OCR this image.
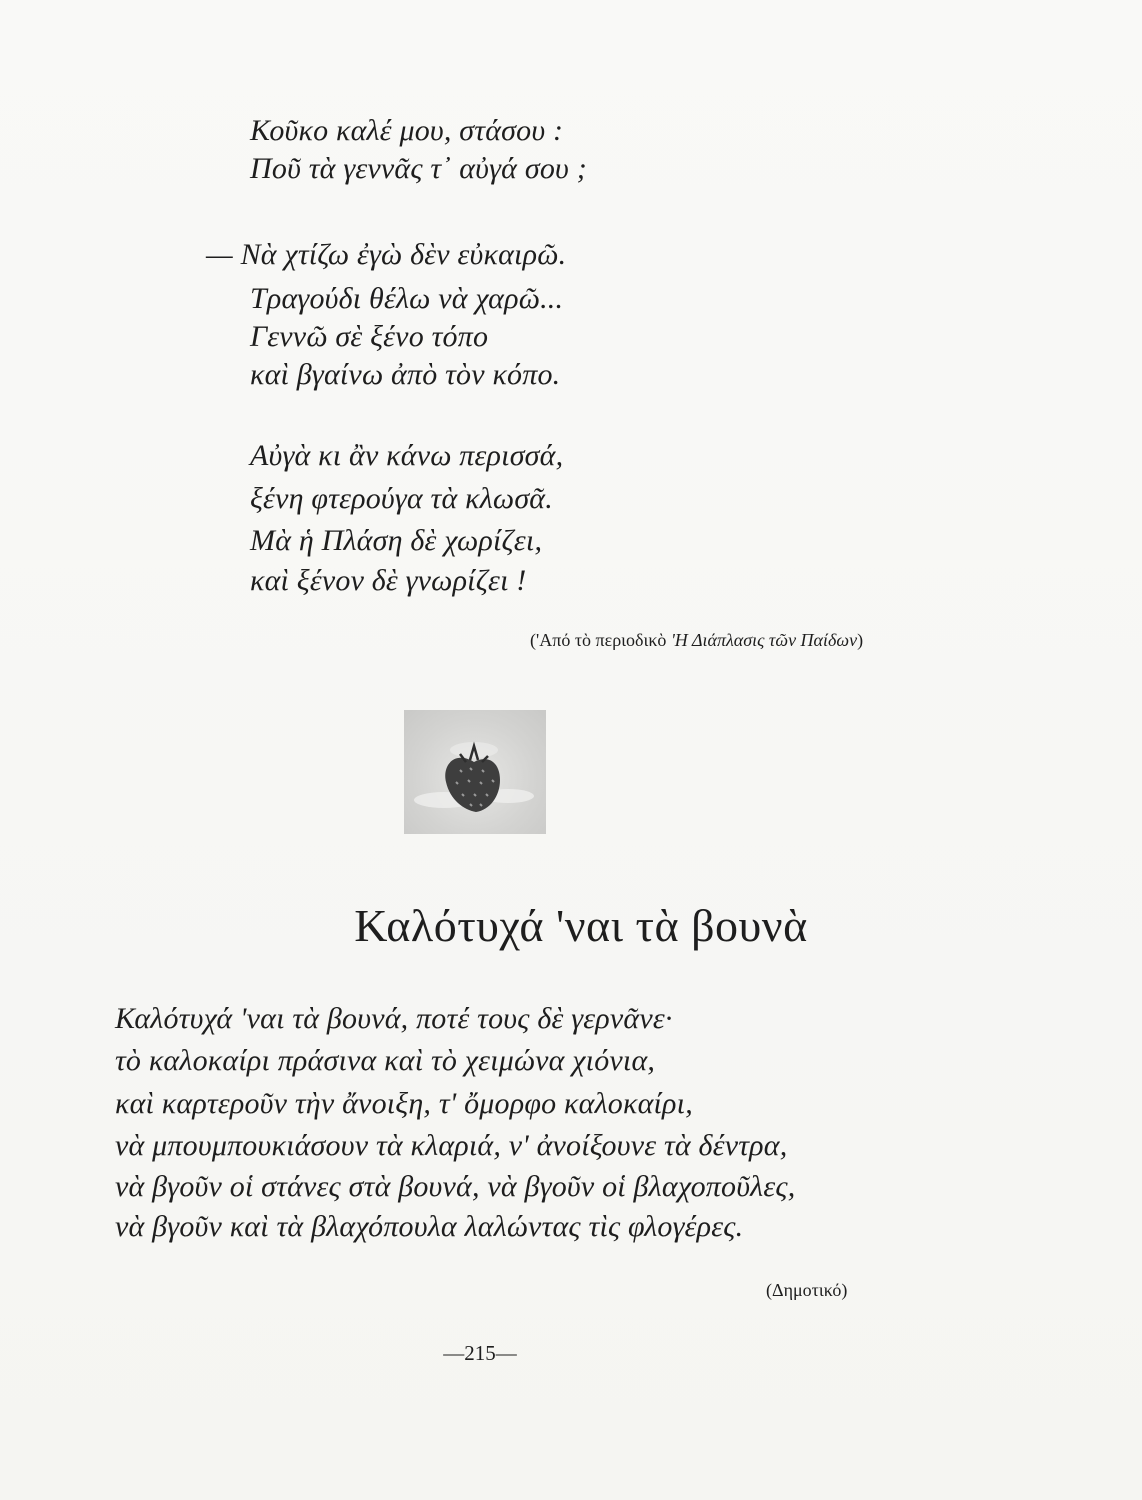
Κοῦκο καλέ μου, στάσου :
Ποῦ τὰ γεννᾶς τ᾿ αὐγά σου ;
— Νὰ χτίζω ἐγὼ δὲν εὐκαιρῶ.
Τραγούδι θέλω νὰ χαρῶ...
Γεννῶ σὲ ξένο τόπο
καὶ βγαίνω ἀπὸ τὸν κόπο.
Αὐγὰ κι ἂν κάνω περισσά,
ξένη φτερούγα τὰ κλωσᾶ.
Μὰ ἡ Πλάση δὲ χωρίζει,
καὶ ξένον δὲ γνωρίζει !
('Από τὸ περιοδικὸ 'Η Διάπλασις τῶν Παίδων)
Καλότυχά 'ναι τὰ βουνὰ
Καλότυχά 'ναι τὰ βουνά, ποτέ τους δὲ γερνᾶνε·
τὸ καλοκαίρι πράσινα καὶ τὸ χειμώνα χιόνια,
καὶ καρτεροῦν τὴν ἄνοιξη, τ' ὄμορφο καλοκαίρι,
νὰ μπουμπουκιάσουν τὰ κλαριά, ν' ἀνοίξουνε τὰ δέντρα,
νὰ βγοῦν οἱ στάνες στὰ βουνά, νὰ βγοῦν οἱ βλαχοποῦλες,
νὰ βγοῦν καὶ τὰ βλαχόπουλα λαλώντας τὶς φλογέρες.
(Δημοτικό)
—215—
